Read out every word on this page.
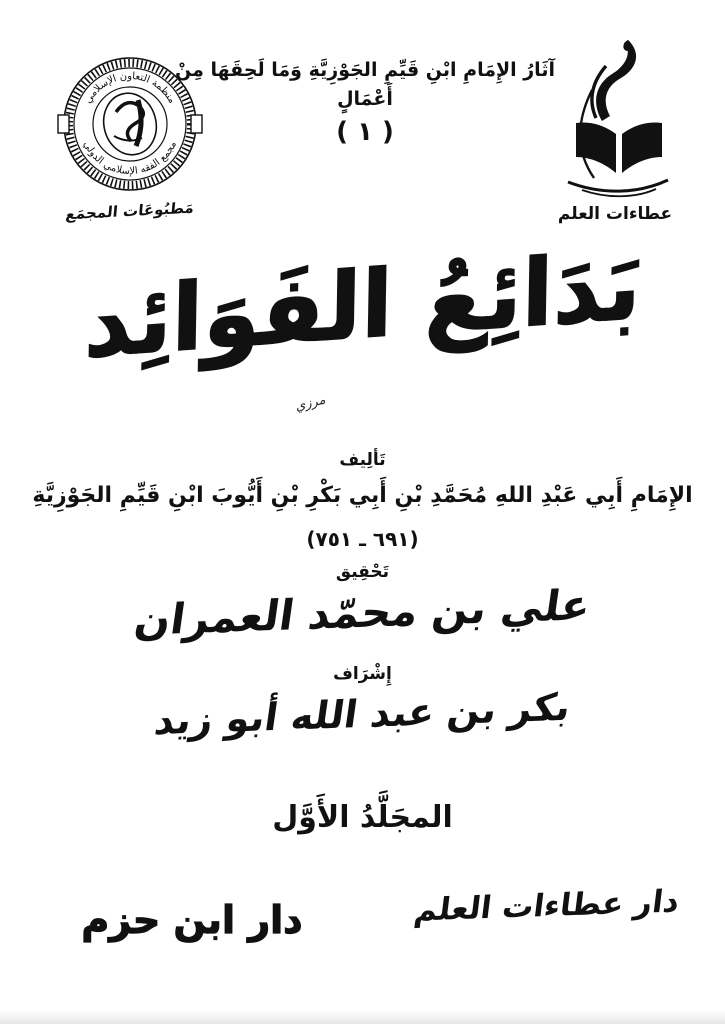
منظمة التعاون الإسلامي
مجمع الفقه الإسلامي الدولي
مَطبُوعَات المجمَع
آثَارُ الإِمَامِ ابْنِ قَيِّمِ الجَوْزِيَّةِ وَمَا لَحِقَهَا مِنْ أَعْمَالٍ
( ١ )
عطاءات العلم
بَدَائِعُ الفَوَائِد
مرزي
تَألِيف
الإِمَامِ أَبِي عَبْدِ اللهِ مُحَمَّدِ بْنِ أَبِي بَكْرِ بْنِ أَيُّوبَ ابْنِ قَيِّمِ الجَوْزِيَّةِ
(٦٩١ ـ ٧٥١)
تَحْقِيق
علي بن محمّد العمران
إِشْرَاف
بكر بن عبد الله أبو زيد
المجَلَّدُ الأَوَّل
دار ابن حزم	دار عطاءات العلم
